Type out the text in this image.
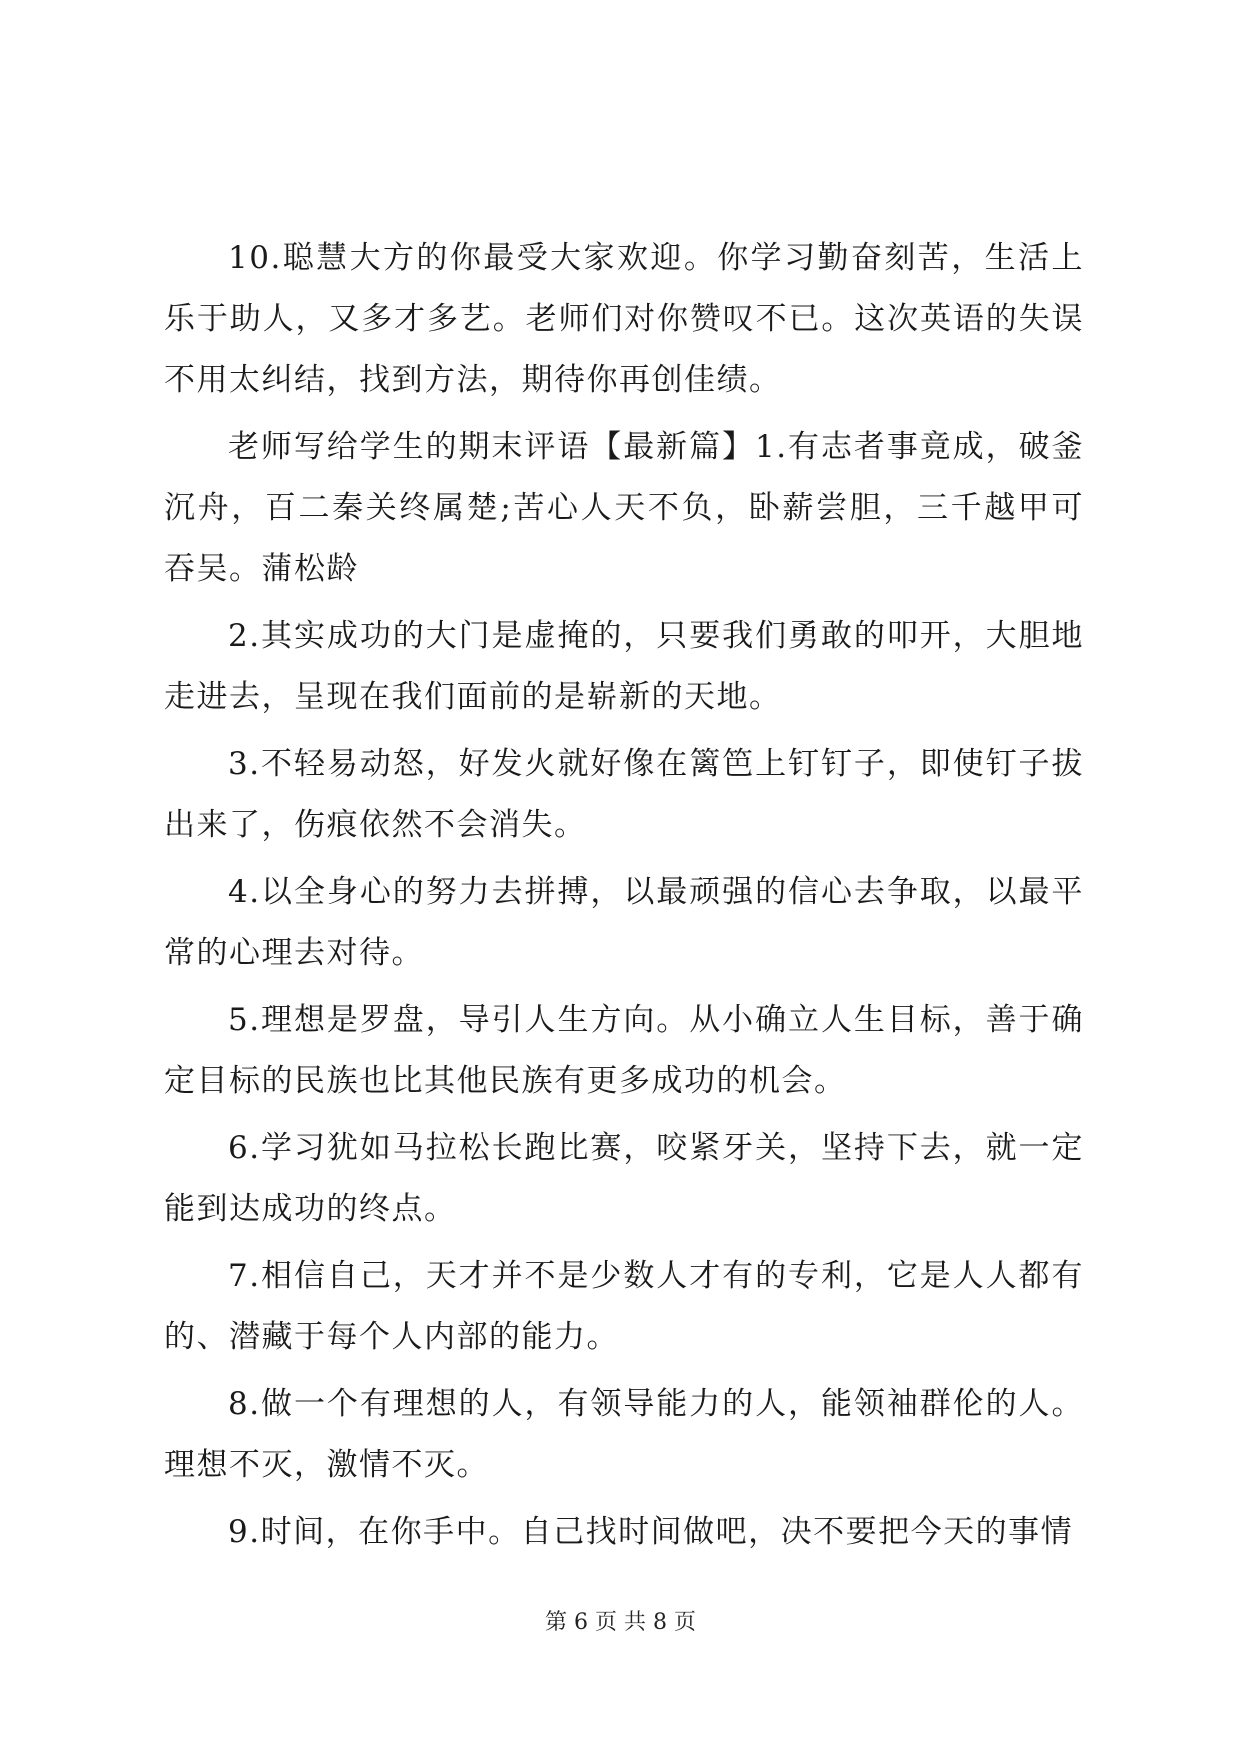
10.聪慧大方的你最受大家欢迎。你学习勤奋刻苦，生活上乐于助人，又多才多艺。老师们对你赞叹不已。这次英语的失误不用太纠结，找到方法，期待你再创佳绩。

老师写给学生的期末评语【最新篇】1.有志者事竟成，破釜沉舟，百二秦关终属楚;苦心人天不负，卧薪尝胆，三千越甲可吞吴。蒲松龄

2.其实成功的大门是虚掩的，只要我们勇敢的叩开，大胆地走进去，呈现在我们面前的是崭新的天地。

3.不轻易动怒，好发火就好像在篱笆上钉钉子，即使钉子拔出来了，伤痕依然不会消失。

4.以全身心的努力去拼搏，以最顽强的信心去争取，以最平常的心理去对待。

5.理想是罗盘，导引人生方向。从小确立人生目标，善于确定目标的民族也比其他民族有更多成功的机会。

6.学习犹如马拉松长跑比赛，咬紧牙关，坚持下去，就一定能到达成功的终点。

7.相信自己，天才并不是少数人才有的专利，它是人人都有的、潜藏于每个人内部的能力。

8.做一个有理想的人，有领导能力的人，能领袖群伦的人。理想不灭，激情不灭。

9.时间，在你手中。自己找时间做吧，决不要把今天的事情

第 6 页 共 8 页
